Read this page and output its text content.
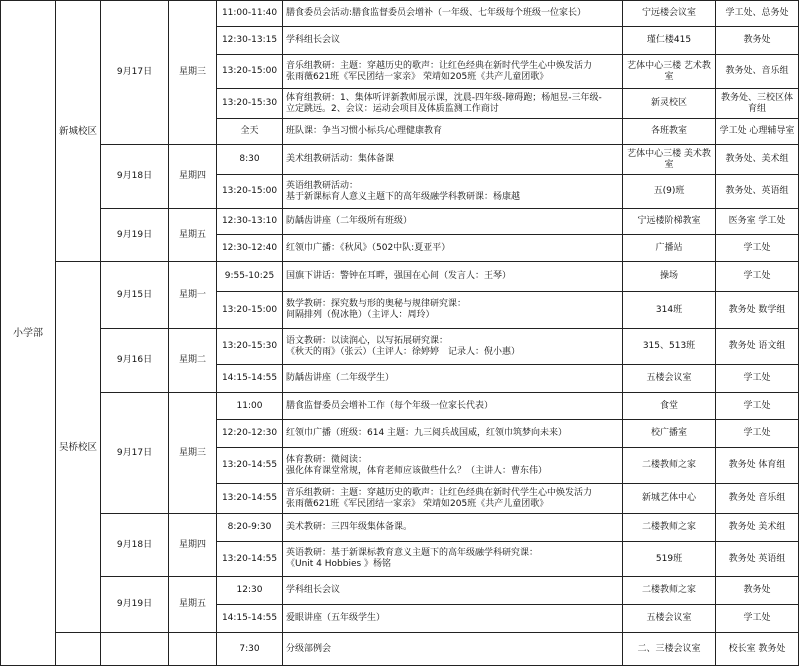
小学部	新城校区	9月17日	星期三	11:00-11:40	膳食委员会活动:膳食监督委员会增补（一年级、七年级每个班级一位家长）	宁远楼会议室	学工处、总务处
				12:30-13:15	学科组长会议	瑾仁楼415	教务处
				13:20-15:00	音乐组教研：主题：穿越历史的歌声：让红色经典在新时代学生心中焕发活力
张雨薇621班《军民团结一家亲》 荣靖如205班《共产儿童团歌》	艺体中心三楼 艺术教室	教务处、音乐组
				13:20-15:30	体育组教研：1、集体听评新教师展示课，沈晨-四年级-障碍跑；杨旭昱-三年级-
立定跳远。2、会议：运动会项目及体质监测工作商讨	新灵校区	教务处、三校区体育组
				全天	班队课：争当习惯小标兵/心理健康教育	各班教室	学工处 心理辅导室
		9月18日	星期四	8:30	美术组教研活动：集体备课	艺体中心三楼 美术教室	教务处、美术组
				13:20-15:00	英语组教研活动：
基于新课标育人意义主题下的高年级融学科教研课：杨康越	五(9)班	教务处、英语组
		9月19日	星期五	12:30-13:10	防龋齿讲座（二年级所有班级）	宁远楼阶梯教室	医务室 学工处
				12:30-12:40	红领巾广播：《秋风》（502中队:夏亚平）	广播站	学工处
	吴桥校区	9月15日	星期一	9:55-10:25	国旗下讲话：警钟在耳畔，强国在心间（发言人：王琴）	操场	学工处
				13:20-15:00	数学教研：探究数与形的奥秘与规律研究课：
间隔排列（倪冰艳）（主评人：周玲）	314班	教务处 数学组
		9月16日	星期二	13:20-15:30	语文教研：以读润心，以写拓展研究课：
《秋天的雨》（张云）（主评人：徐婷婷　记录人：倪小惠）	315、513班	教务处 语文组
				14:15-14:55	防龋齿讲座（二年级学生）	五楼会议室	学工处
		9月17日	星期三	11:00	膳食监督委员会增补工作（每个年级一位家长代表）	食堂	学工处
				12:20-12:30	红领巾广播（班级：614 主题：九三阅兵战国威，红领巾筑梦向未来）	校广播室	学工处
				13:20-14:55	体育教研：微阅读：
强化体育课堂常规，体育老师应该做些什么？（主讲人：曹东伟）	二楼教师之家	教务处 体育组
				13:20-14:55	音乐组教研：主题：穿越历史的歌声：让红色经典在新时代学生心中焕发活力
张雨薇621班《军民团结一家亲》 荣靖如205班《共产儿童团歌》	新城艺体中心	教务处 音乐组
		9月18日	星期四	8:20-9:30	美术教研：三四年级集体备课。	二楼教师之家	教务处 美术组
				13:20-14:55	英语教研：基于新课标教育意义主题下的高年级融学科研究课：
《Unit 4 Hobbies 》杨铭	519班	教务处 英语组
		9月19日	星期五	12:30	学科组长会议	二楼教师之家	教务处
				14:15-14:55	爱眼讲座（五年级学生）	五楼会议室	学工处
				7:30	分级部例会	二、三楼会议室	校长室 教务处
